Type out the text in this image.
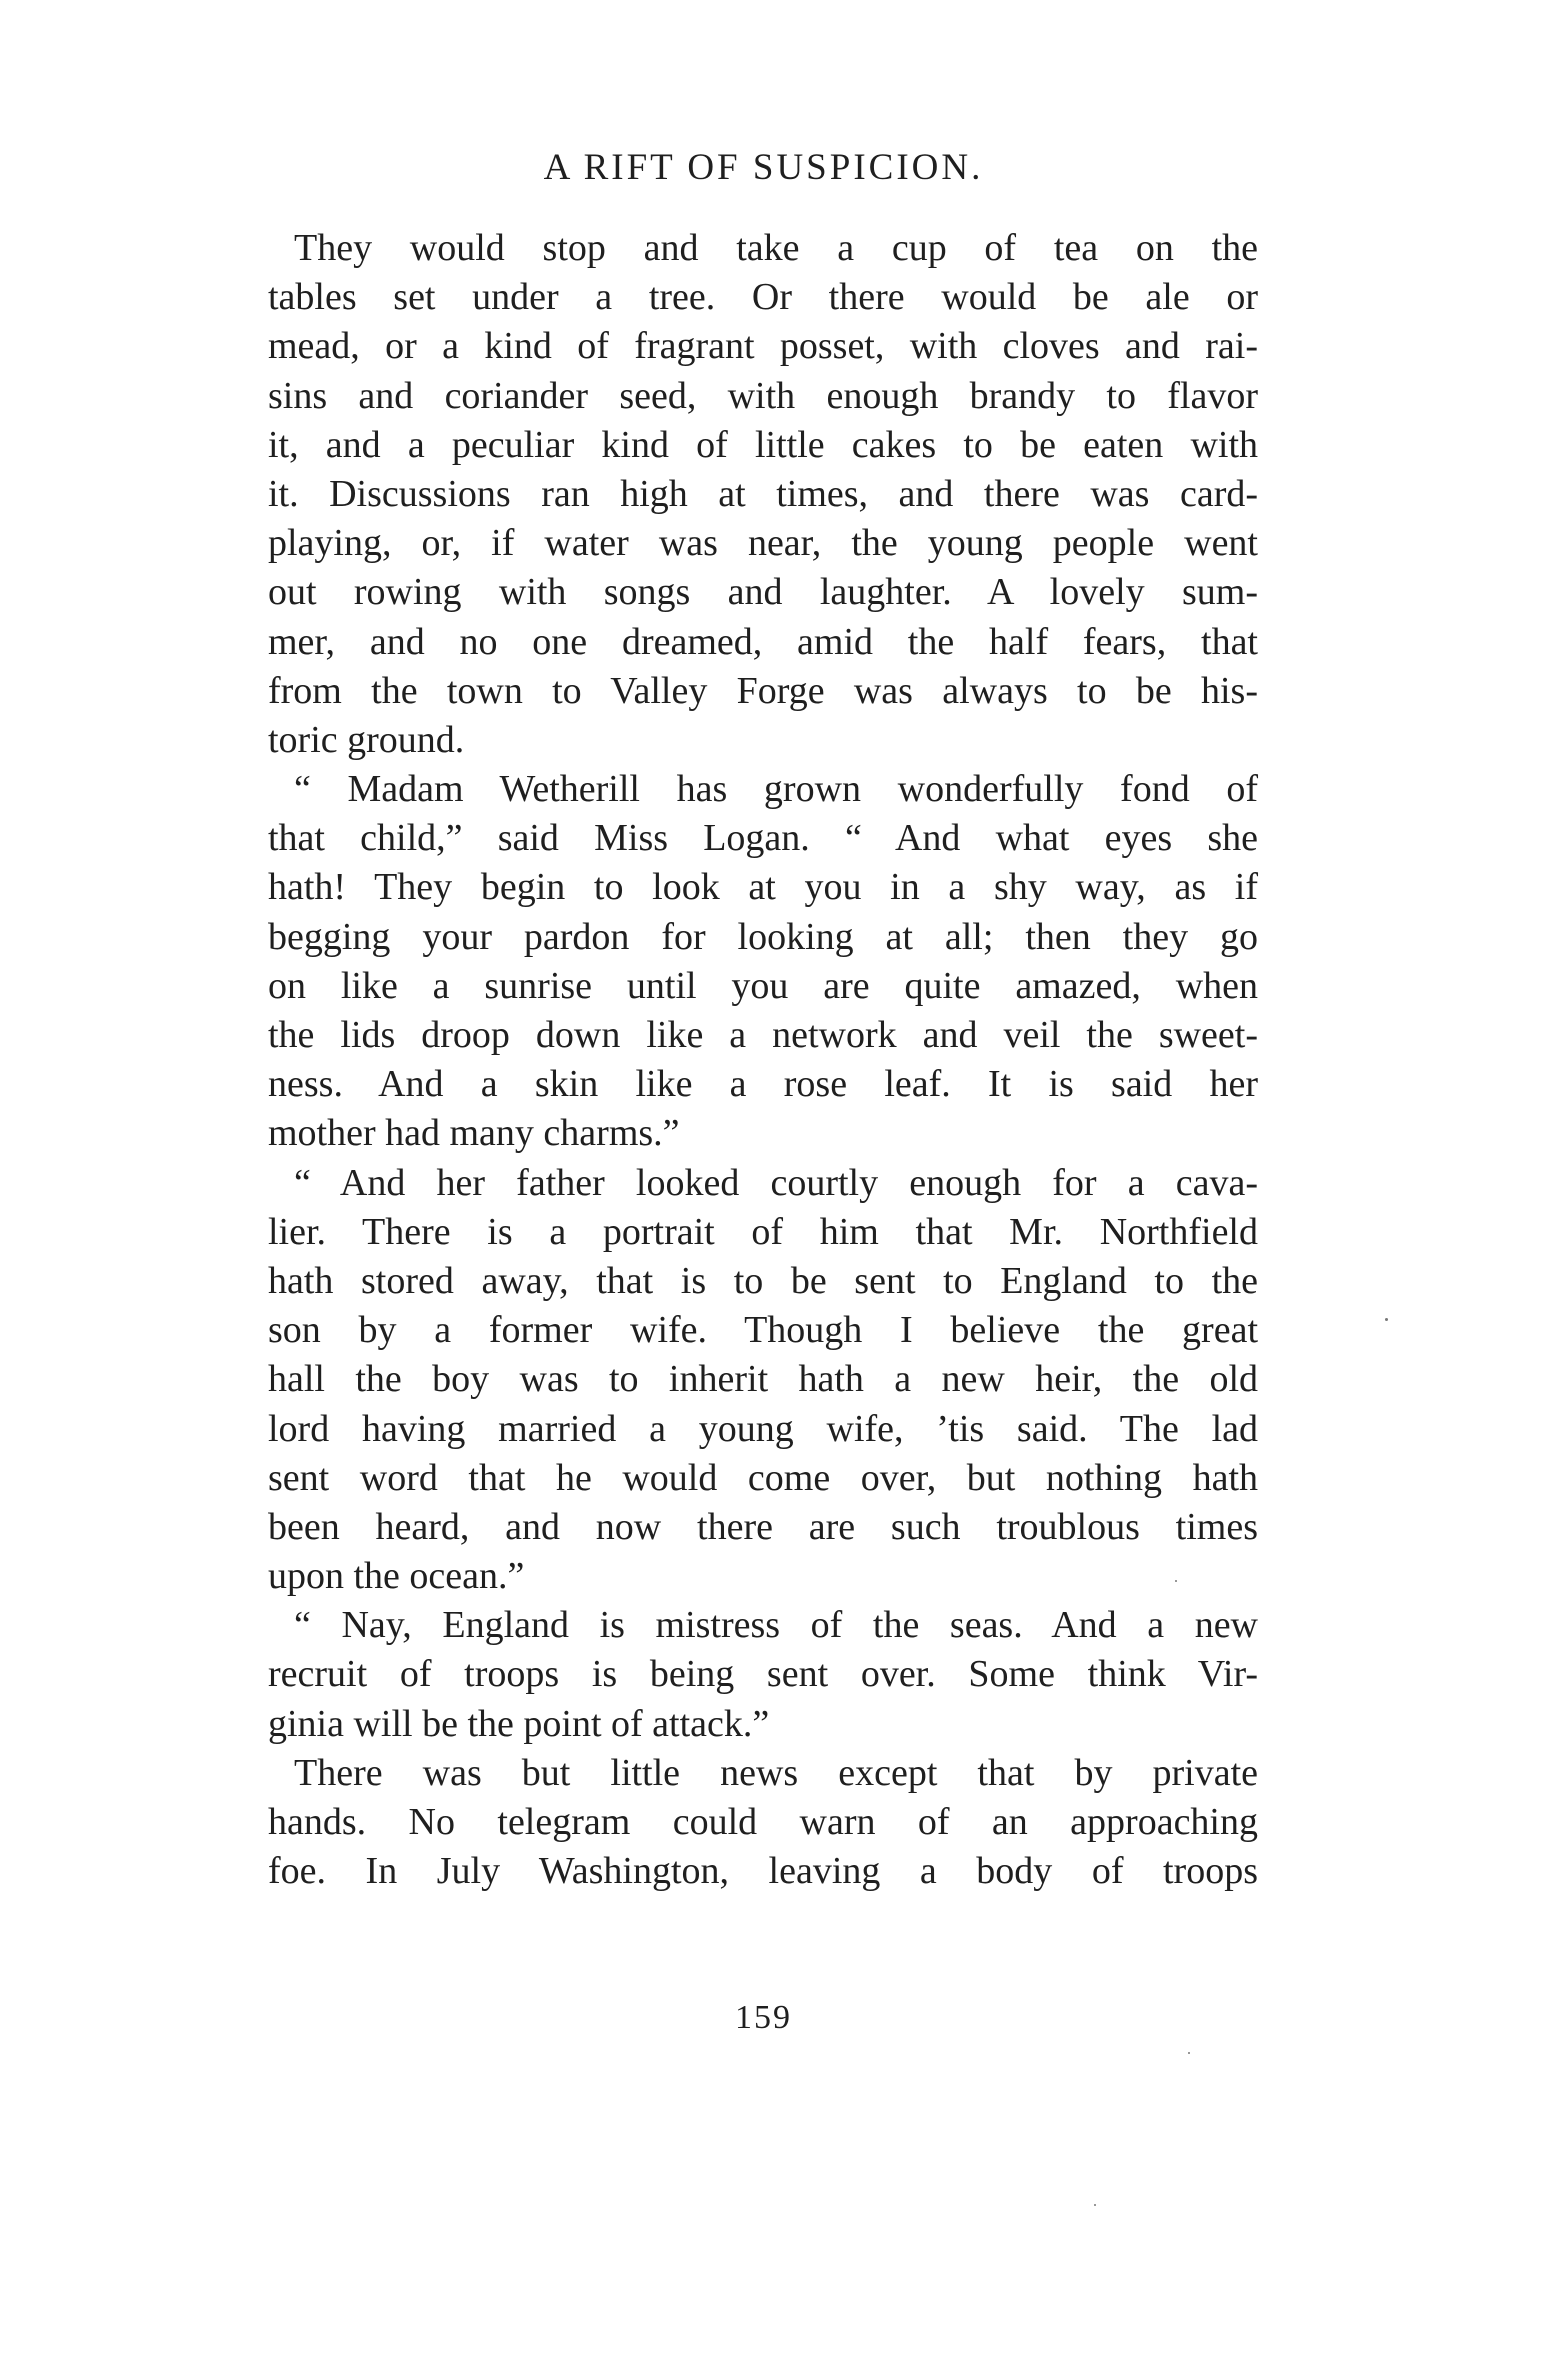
A RIFT OF SUSPICION.
They would stop and take a cup of tea on the
tables set under a tree. Or there would be ale or
mead, or a kind of fragrant posset, with cloves and rai-
sins and coriander seed, with enough brandy to flavor
it, and a peculiar kind of little cakes to be eaten with
it. Discussions ran high at times, and there was card-
playing, or, if water was near, the young people went
out rowing with songs and laughter. A lovely sum-
mer, and no one dreamed, amid the half fears, that
from the town to Valley Forge was always to be his-
toric ground.
“ Madam Wetherill has grown wonderfully fond of
that child,” said Miss Logan. “ And what eyes she
hath! They begin to look at you in a shy way, as if
begging your pardon for looking at all; then they go
on like a sunrise until you are quite amazed, when
the lids droop down like a network and veil the sweet-
ness. And a skin like a rose leaf. It is said her
mother had many charms.”
“ And her father looked courtly enough for a cava-
lier. There is a portrait of him that Mr. Northfield
hath stored away, that is to be sent to England to the
son by a former wife. Though I believe the great
hall the boy was to inherit hath a new heir, the old
lord having married a young wife, ’tis said. The lad
sent word that he would come over, but nothing hath
been heard, and now there are such troublous times
upon the ocean.”
“ Nay, England is mistress of the seas. And a new
recruit of troops is being sent over. Some think Vir-
ginia will be the point of attack.”
There was but little news except that by private
hands. No telegram could warn of an approaching
foe. In July Washington, leaving a body of troops
159
